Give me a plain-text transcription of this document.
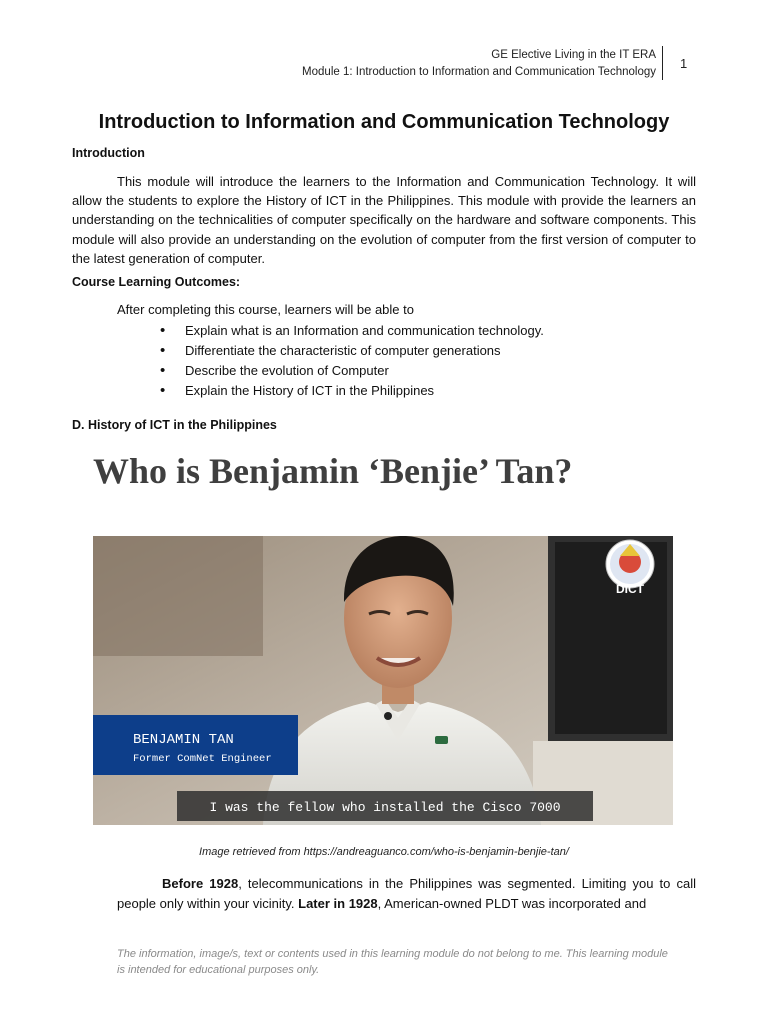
GE Elective Living in the IT ERA
Module 1: Introduction to Information and Communication Technology
1
Introduction to Information and Communication Technology
Introduction
This module will introduce the learners to the Information and Communication Technology. It will allow the students to explore the History of ICT in the Philippines. This module with provide the learners an understanding on the technicalities of computer specifically on the hardware and software components. This module will also provide an understanding on the evolution of computer from the first version of computer to the latest generation of computer.
Course Learning Outcomes:
After completing this course, learners will be able to
• Explain what is an Information and communication technology.
• Differentiate the characteristic of computer generations
• Describe the evolution of Computer
• Explain the History of ICT in the Philippines
D. History of ICT in the Philippines
Who is Benjamin ‘Benjie’ Tan?
DICT
BENJAMIN TAN
Former ComNet Engineer
I was the fellow who installed the Cisco 7000
Image retrieved from https://andreaguanco.com/who-is-benjamin-benjie-tan/
Before 1928, telecommunications in the Philippines was segmented. Limiting you to call people only within your vicinity. Later in 1928, American-owned PLDT was incorporated and
The information, image/s, text or contents used in this learning module do not belong to me. This learning module is intended for educational purposes only.
